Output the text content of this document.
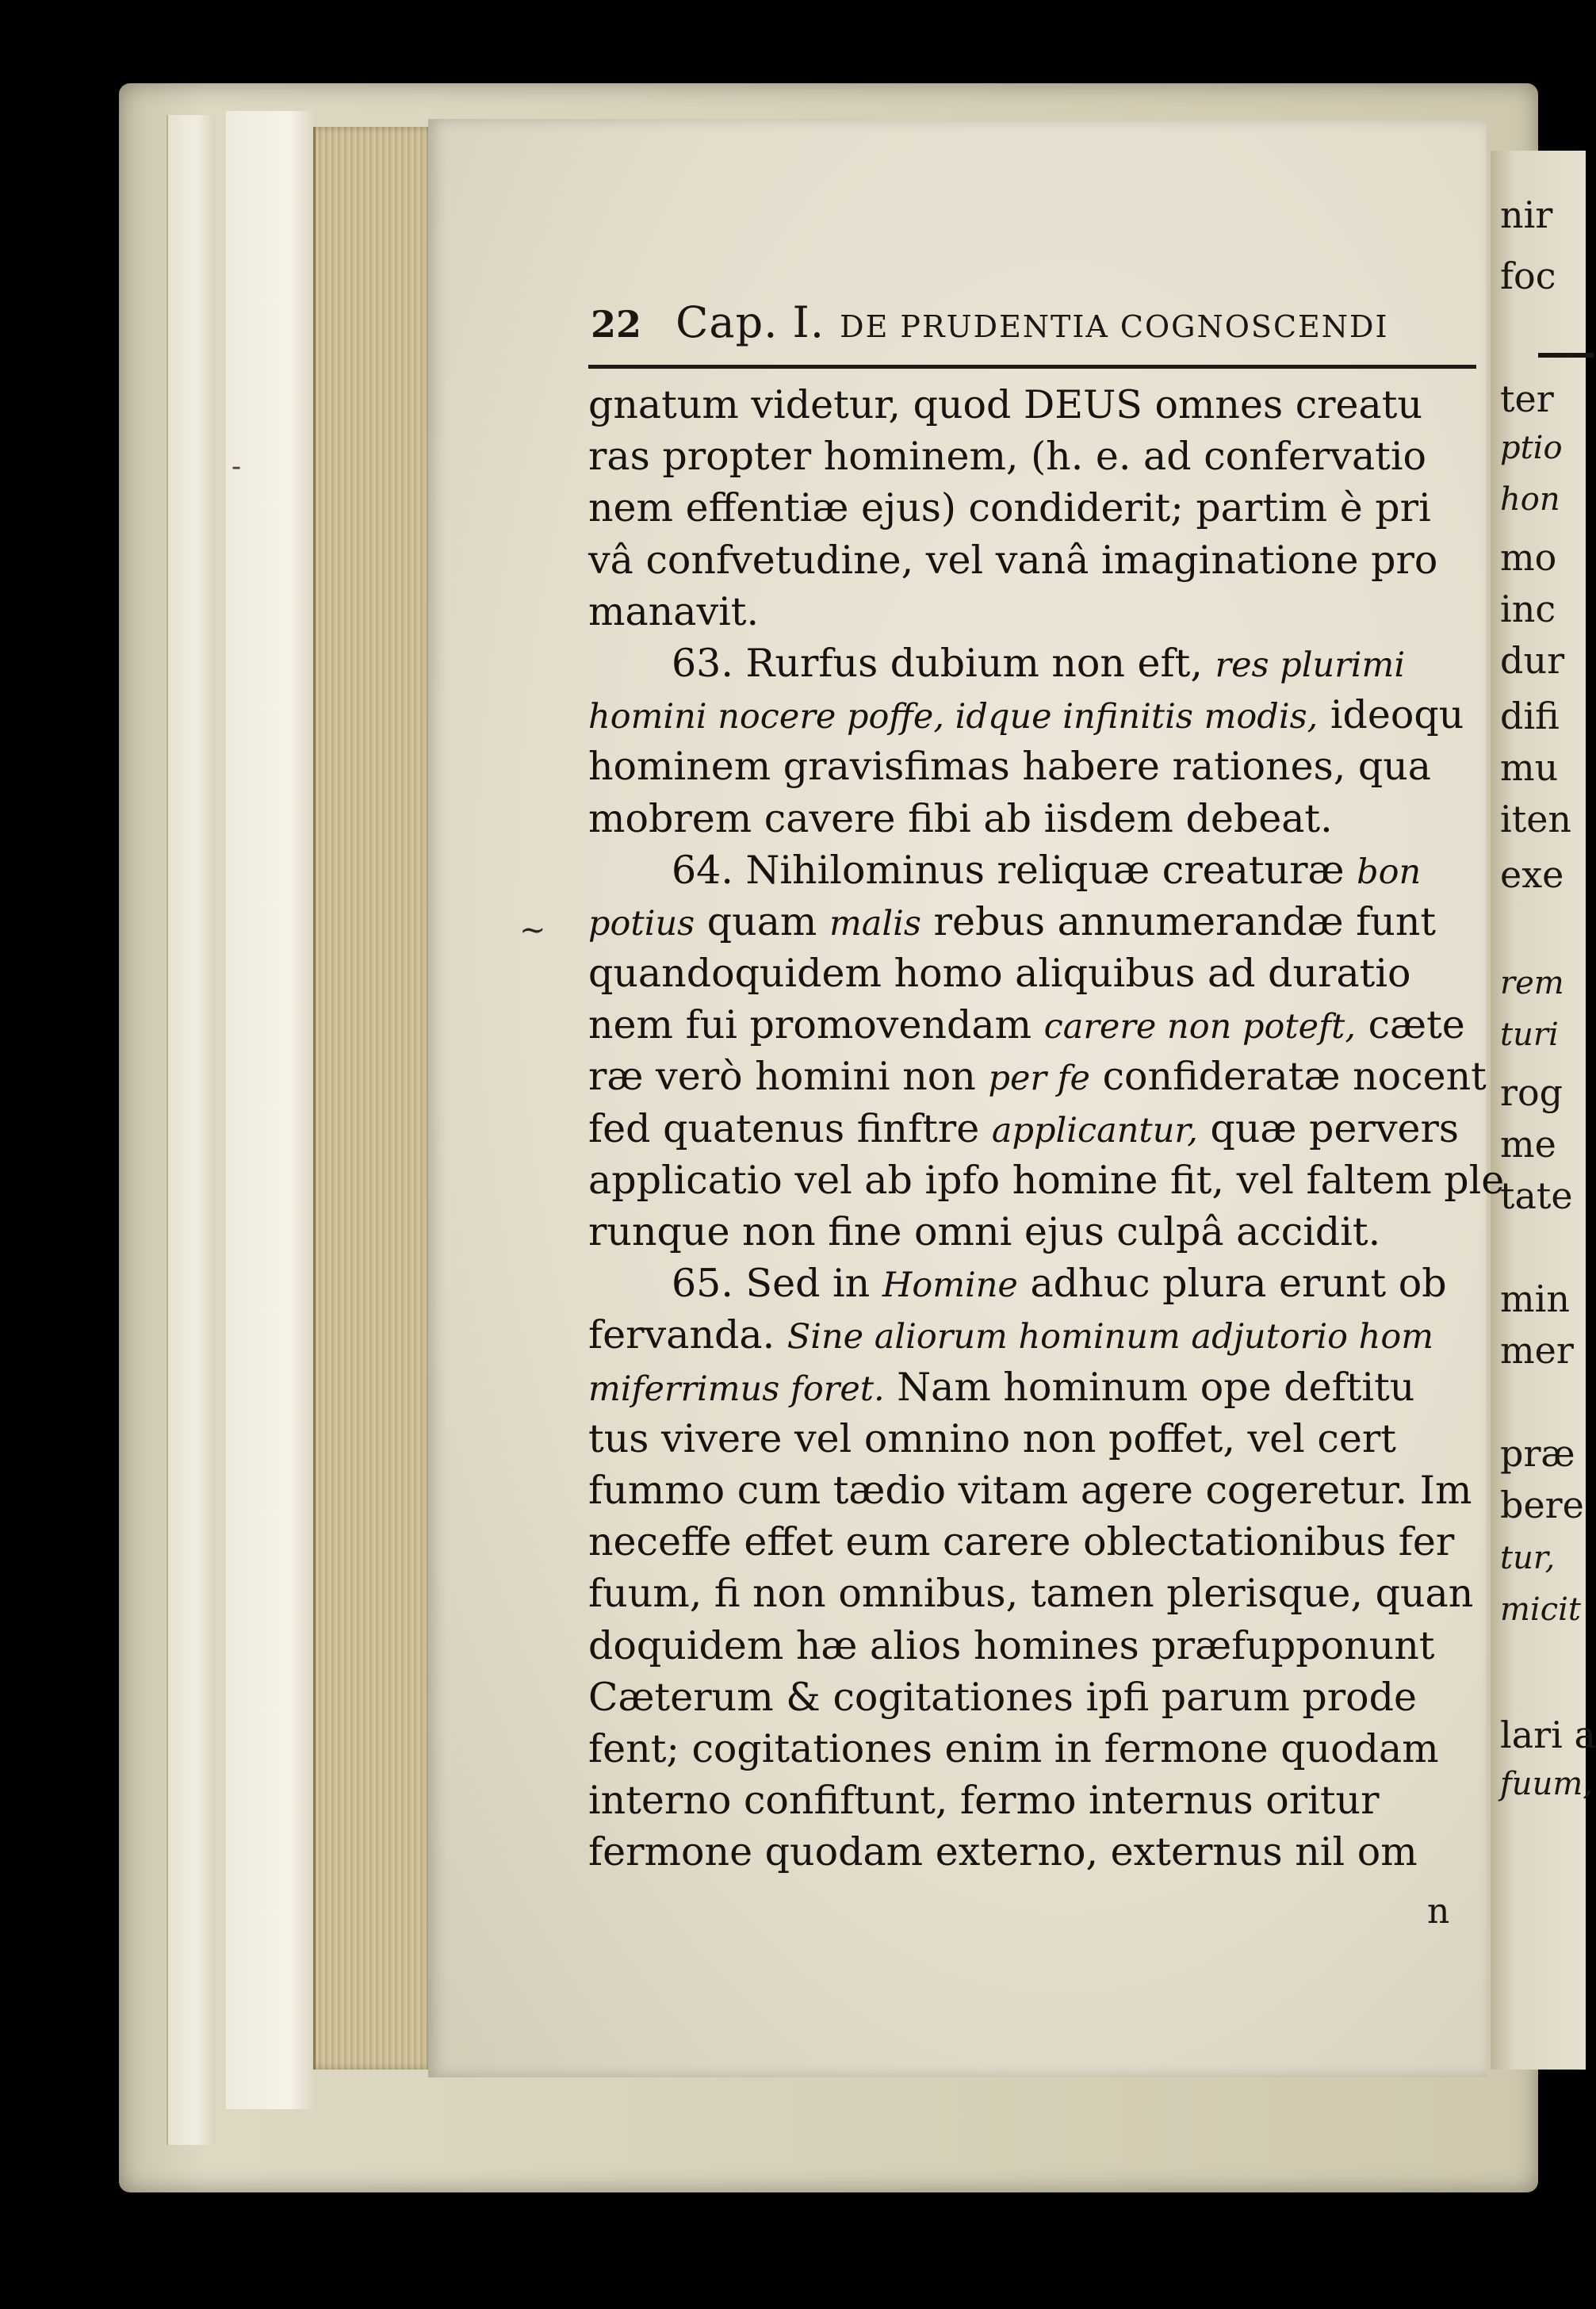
nir
foc
ter
ptio
hon
mo
inc
dur
difi
mu
iten
exe
rem
turi
rog
me
tate
min
mer
præ
bere
tur,
micit
lari a
fuum,
-
~
22 Cap. I. DE PRUDENTIA COGNOSCENDI
gnatum videtur, quod DEUS omnes creatu
ras propter hominem, (h. e. ad confervatio
nem effentiæ ejus) condiderit; partim è pri
vâ confvetudine, vel vanâ imaginatione pro
manavit.
63. Rurfus dubium non eft, res plurimi
homini nocere poffe, idque infinitis modis, ideoqu
hominem gravisfimas habere rationes, qua
mobrem cavere fibi ab iisdem debeat.
64. Nihilominus reliquæ creaturæ bon
potius quam malis rebus annumerandæ funt
quandoquidem homo aliquibus ad duratio
nem fui promovendam carere non poteft, cæte
ræ verò homini non per fe confideratæ nocent
fed quatenus finftre applicantur, quæ pervers
applicatio vel ab ipfo homine fit, vel faltem ple
runque non fine omni ejus culpâ accidit.
65. Sed in Homine adhuc plura erunt ob
fervanda. Sine aliorum hominum adjutorio hom
miferrimus foret. Nam hominum ope deftitu
tus vivere vel omnino non poffet, vel cert
fummo cum tædio vitam agere cogeretur. Im
neceffe effet eum carere oblectationibus fer
fuum, fi non omnibus, tamen plerisque, quan
doquidem hæ alios homines præfupponunt
Cæterum & cogitationes ipfi parum prode
fent; cogitationes enim in fermone quodam
interno confiftunt, fermo internus oritur
fermone quodam externo, externus nil om
n
